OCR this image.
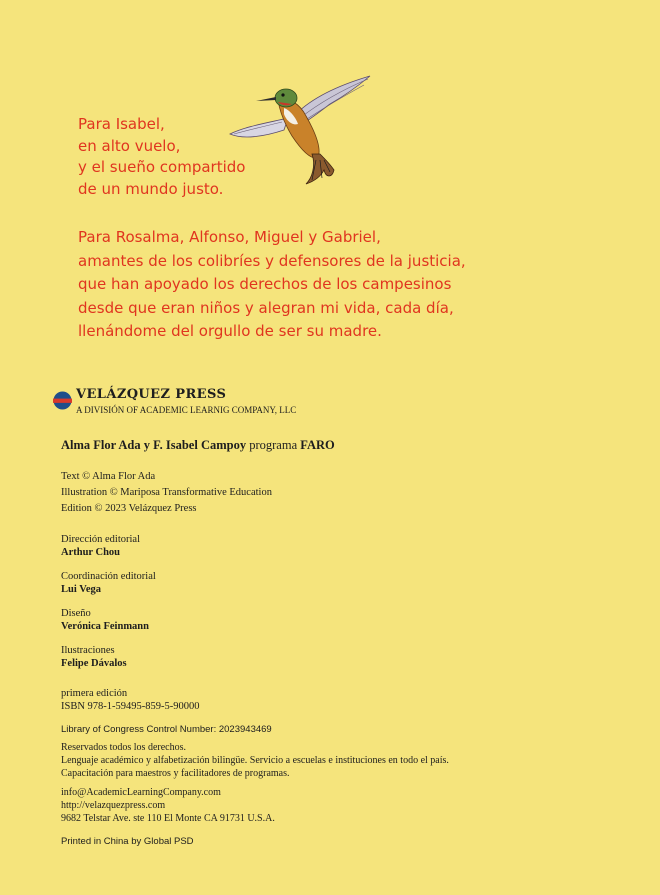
Para Isabel,
en alto vuelo,
y el sueño compartido
de un mundo justo.
Para Rosalma, Alfonso, Miguel y Gabriel,
amantes de los colibríes y defensores de la justicia,
que han apoyado los derechos de los campesinos
desde que eran niños y alegran mi vida, cada día,
llenándome del orgullo de ser su madre.
VELÁZQUEZ PRESS
A DIVISIÓN OF ACADEMIC LEARNIG COMPANY, LLC
Alma Flor Ada y F. Isabel Campoy programa FARO
Text © Alma Flor Ada
Illustration © Mariposa Transformative Education
Edition © 2023 Velázquez Press
Dirección editorial
Arthur Chou
Coordinación editorial
Lui Vega
Diseño
Verónica Feinmann
Ilustraciones
Felipe Dávalos
primera edición
ISBN 978-1-59495-859-5-90000
Library of Congress Control Number: 2023943469
Reservados todos los derechos.
Lenguaje académico y alfabetización bilingüe. Servicio a escuelas e instituciones en todo el país.
Capacitación para maestros y facilitadores de programas.
info@AcademicLearningCompany.com
http://velazquezpress.com
9682 Telstar Ave. ste 110 El Monte CA 91731 U.S.A.
Printed in China by Global PSD
